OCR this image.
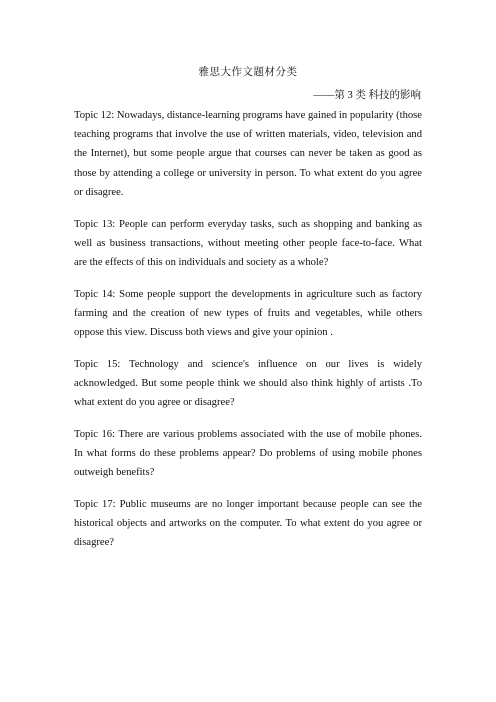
雅思大作文题材分类
——第 3 类 科技的影响

Topic 12: Nowadays, distance-learning programs have gained in popularity (those teaching programs that involve the use of written materials, video, television and the Internet), but some people argue that courses can never be taken as good as those by attending a college or university in person. To what extent do you agree or disagree.

Topic 13: People can perform everyday tasks, such as shopping and banking as well as business transactions, without meeting other people face-to-face. What are the effects of this on individuals and society as a whole?

Topic 14: Some people support the developments in agriculture such as factory farming and the creation of new types of fruits and vegetables, while others oppose this view. Discuss both views and give your opinion .

Topic 15: Technology and science's influence on our lives is widely acknowledged. But some people think we should also think highly of artists .To what extent do you agree or disagree?

Topic 16: There are various problems associated with the use of mobile phones. In what forms do these problems appear? Do problems of using mobile phones outweigh benefits?

Topic 17: Public museums are no longer important because people can see the historical objects and artworks on the computer. To what extent do you agree or disagree?
